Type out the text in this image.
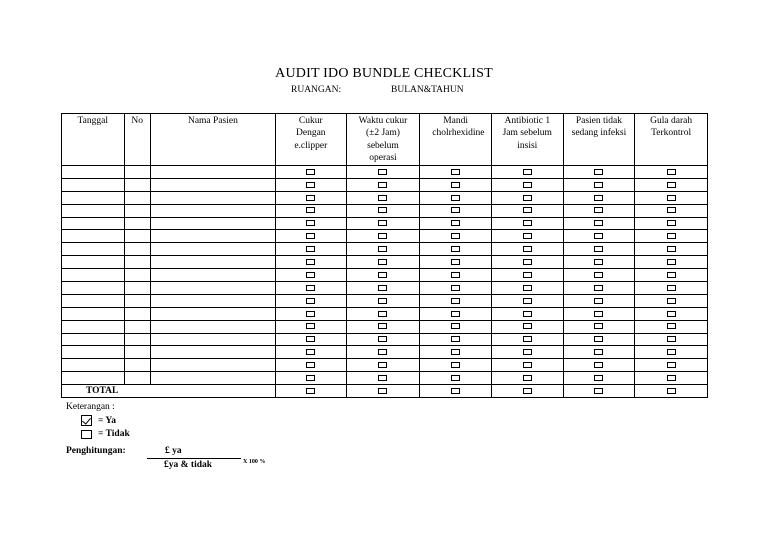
AUDIT IDO BUNDLE CHECKLIST
RUANGAN:	BULAN&TAHUN
Tanggal	No	Nama Pasien	Cukur Dengan e.clipper	Waktu cukur (±2 Jam) sebelum operasi	Mandi cholrhexidine	Antibiotic 1 Jam sebelum insisi	Pasien tidak sedang infeksi	Gula darah Terkontrol

TOTAL								
Keterangan :
= Ya
= Tidak
Penghitungan:	£ ya
£ya & tidak	X 100 %
